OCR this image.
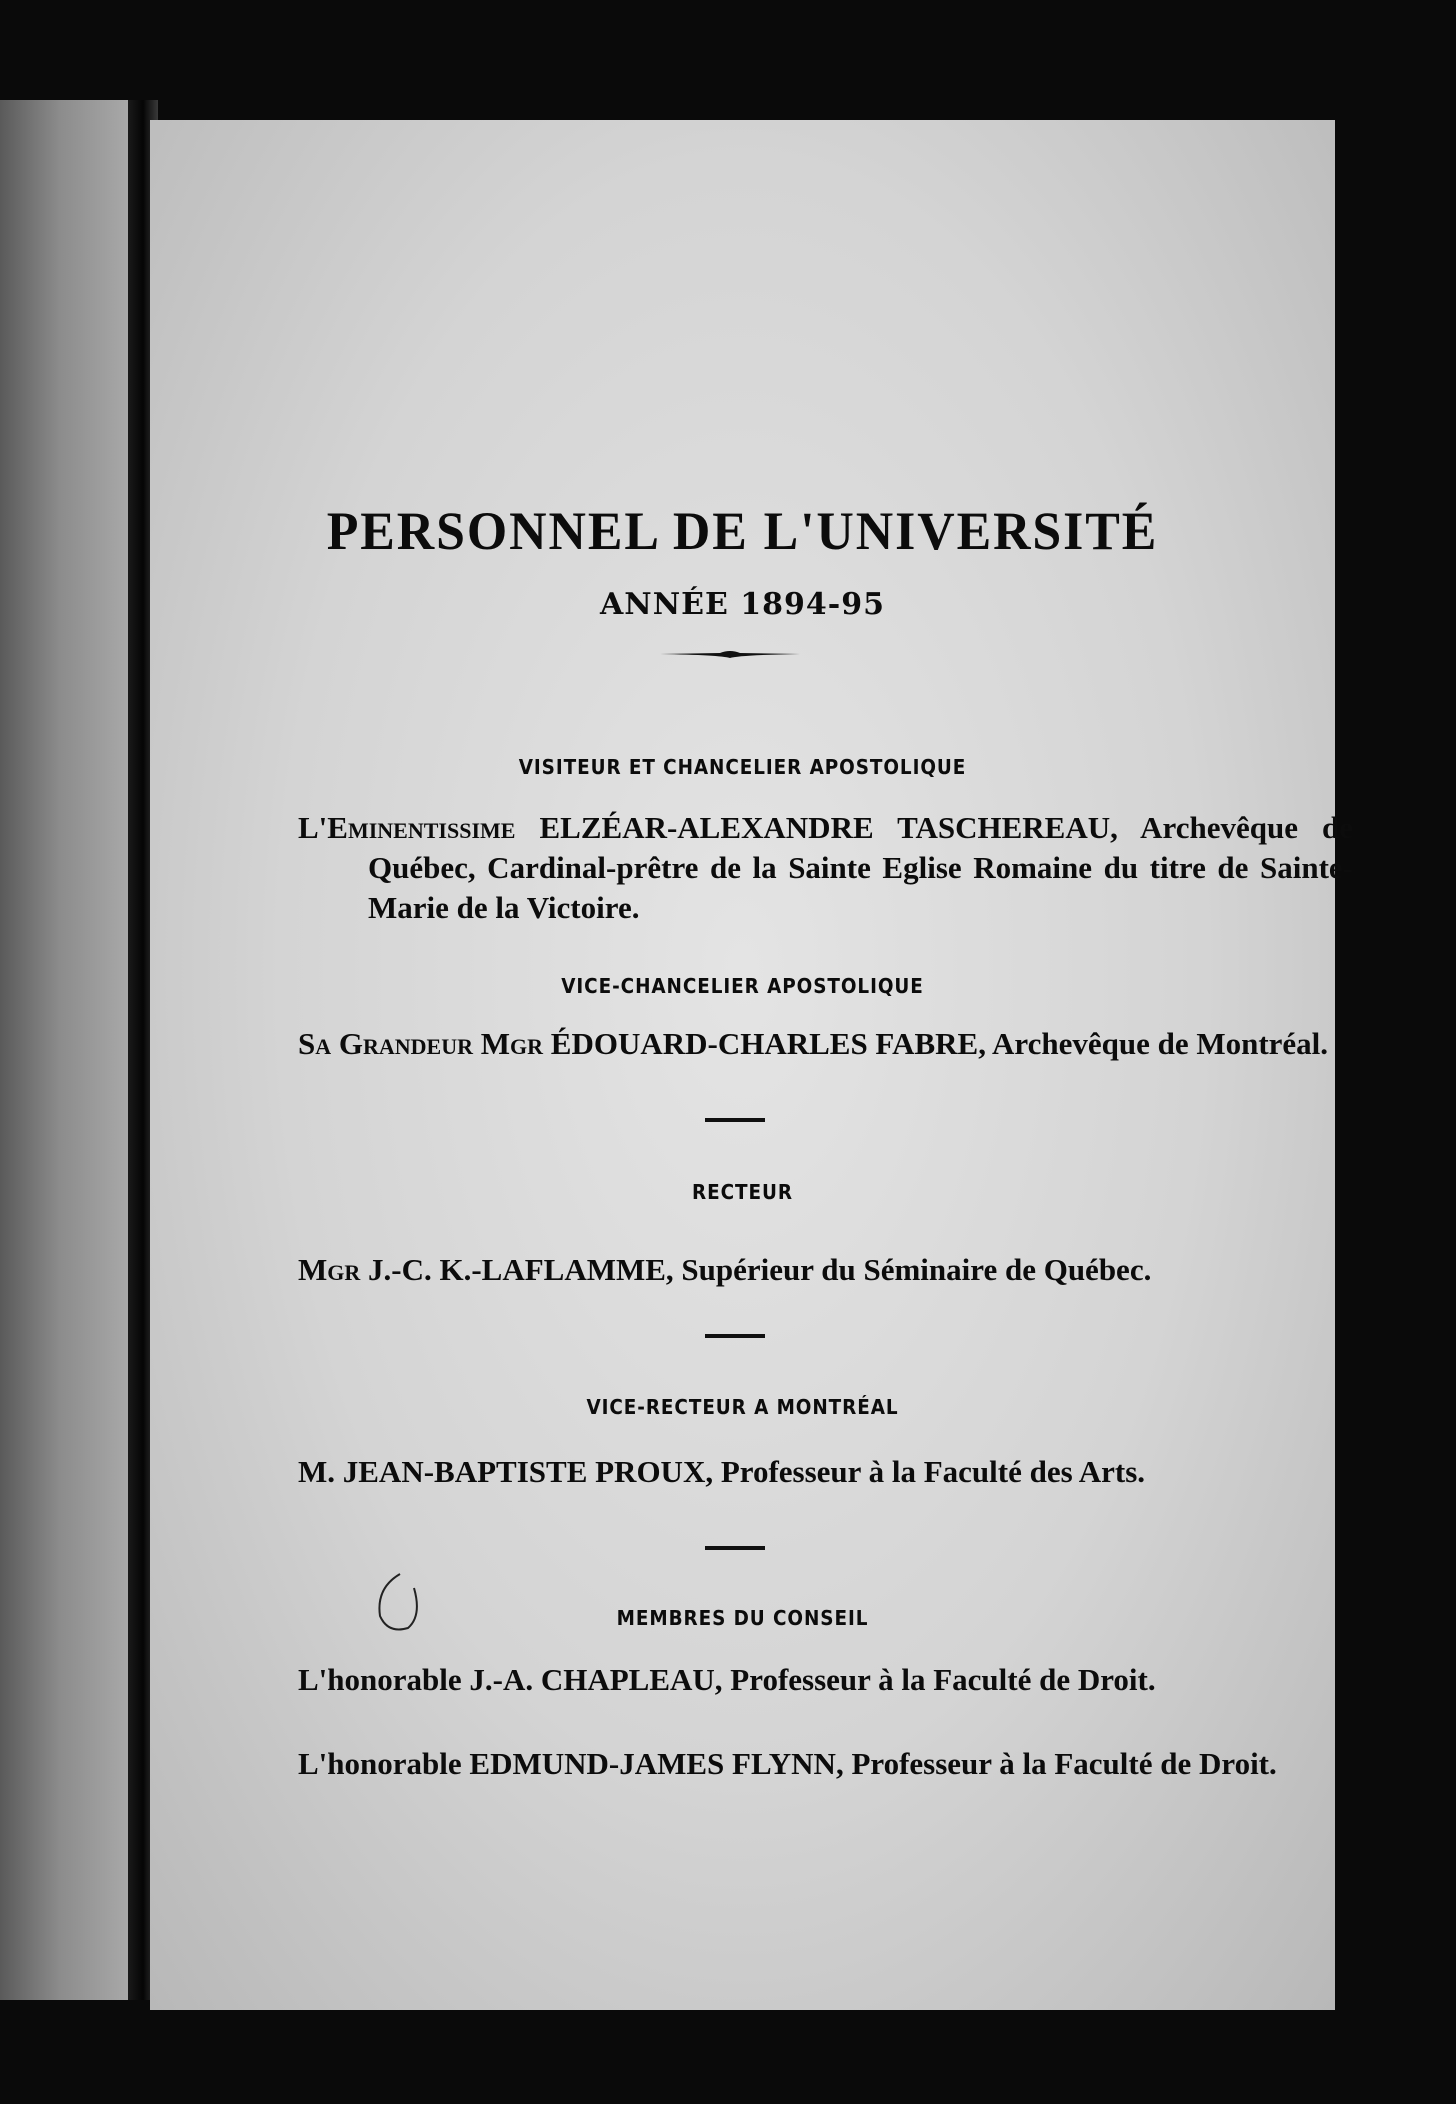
PERSONNEL DE L'UNIVERSITÉ
ANNÉE 1894-95
VISITEUR ET CHANCELIER APOSTOLIQUE
L'Eminentissime ELZÉAR-ALEXANDRE TASCHEREAU, Archevêque de Québec, Cardinal-prêtre de la Sainte Eglise Romaine du titre de Sainte-Marie de la Victoire.
VICE-CHANCELIER APOSTOLIQUE
Sa Grandeur Mgr ÉDOUARD-CHARLES FABRE, Archevêque de Montréal.
RECTEUR
Mgr J.-C. K.-LAFLAMME, Supérieur du Séminaire de Québec.
VICE-RECTEUR A MONTRÉAL
M. JEAN-BAPTISTE PROUX, Professeur à la Faculté des Arts.
MEMBRES DU CONSEIL
L'honorable J.-A. CHAPLEAU, Professeur à la Faculté de Droit.
L'honorable EDMUND-JAMES FLYNN, Professeur à la Faculté de Droit.
